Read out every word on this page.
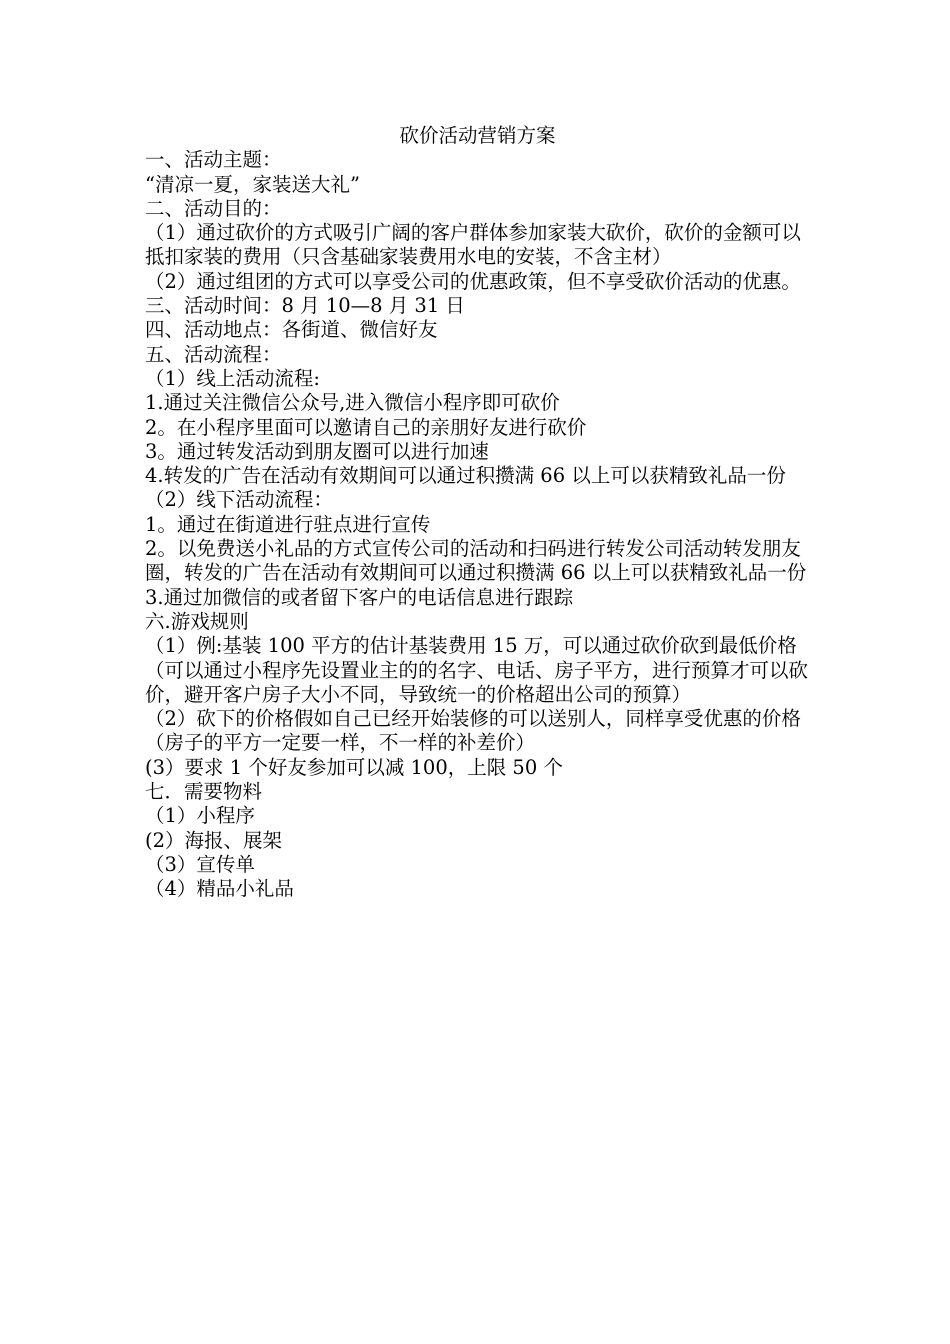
砍价活动营销方案

一、活动主题：

“清凉一夏，家装送大礼”

二、活动目的：

（1）通过砍价的方式吸引广阔的客户群体参加家装大砍价，砍价的金额可以抵扣家装的费用（只含基础家装费用水电的安装，不含主材）

（2）通过组团的方式可以享受公司的优惠政策，但不享受砍价活动的优惠。

三、活动时间：8 月 10—8 月 31 日

四、活动地点：各街道、微信好友

五、活动流程：

（1）线上活动流程:

1.通过关注微信公众号,进入微信小程序即可砍价

2。在小程序里面可以邀请自己的亲朋好友进行砍价

3。通过转发活动到朋友圈可以进行加速

4.转发的广告在活动有效期间可以通过积攒满 66 以上可以获精致礼品一份

（2）线下活动流程：

1。通过在街道进行驻点进行宣传

2。以免费送小礼品的方式宣传公司的活动和扫码进行转发公司活动转发朋友圈，转发的广告在活动有效期间可以通过积攒满 66 以上可以获精致礼品一份

3.通过加微信的或者留下客户的电话信息进行跟踪

六.游戏规则

（1）例:基装 100 平方的估计基装费用 15 万，可以通过砍价砍到最低价格（可以通过小程序先设置业主的的名字、电话、房子平方，进行预算才可以砍价，避开客户房子大小不同，导致统一的价格超出公司的预算）

（2）砍下的价格假如自己已经开始装修的可以送别人，同样享受优惠的价格（房子的平方一定要一样，不一样的补差价）

(3）要求 1 个好友参加可以减 100，上限 50 个

七．需要物料

（1）小程序

(2）海报、展架

（3）宣传单

（4）精品小礼品
